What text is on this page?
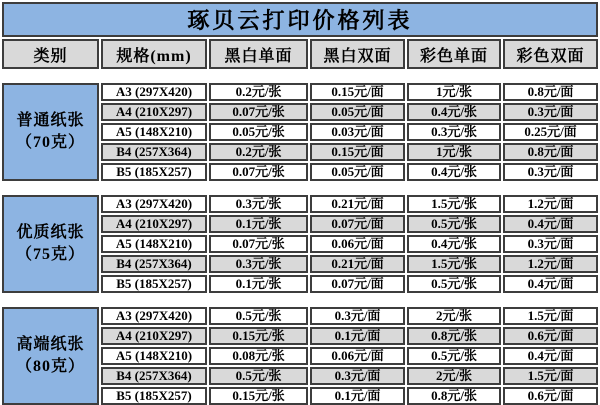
琢贝云打印价格列表
类别	规格(mm)	黑白单面	黑白双面	彩色单面	彩色双面
普通纸张
（70克）	A3 (297X420)	0.2元/张	0.15元/面	1元/张	0.8元/面
	A4 (210X297)	0.07元/张	0.05元/面	0.4元/张	0.3元/面
	A5 (148X210)	0.05元/张	0.03元/面	0.3元/张	0.25元/面
	B4 (257X364)	0.2元/张	0.15元/面	1元/张	0.8元/面
	B5 (185X257)	0.07元/张	0.05元/面	0.4元/张	0.3元/面
优质纸张
（75克）	A3 (297X420)	0.3元/张	0.21元/面	1.5元/张	1.2元/面
	A4 (210X297)	0.1元/张	0.07元/面	0.5元/张	0.4元/面
	A5 (148X210)	0.07元/张	0.06元/面	0.4元/张	0.3元/面
	B4 (257X364)	0.3元/张	0.21元/面	1.5元/张	1.2元/面
	B5 (185X257)	0.1元/张	0.07元/面	0.5元/张	0.4元/面
高端纸张
（80克）	A3 (297X420)	0.5元/张	0.3元/面	2元/张	1.5元/面
	A4 (210X297)	0.15元/张	0.1元/面	0.8元/张	0.6元/面
	A5 (148X210)	0.08元/张	0.06元/面	0.5元/张	0.4元/面
	B4 (257X364)	0.5元/张	0.3元/面	2元/张	1.5元/面
	B5 (185X257)	0.15元/张	0.1元/面	0.8元/张	0.6元/面
